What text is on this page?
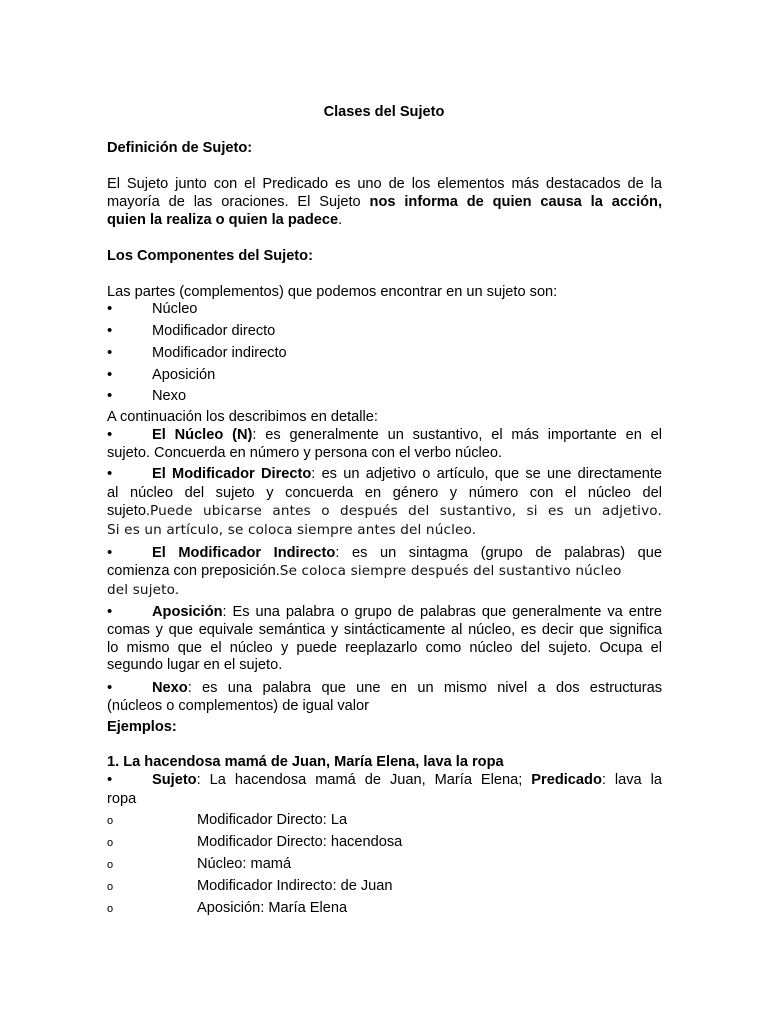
Clases del Sujeto
Definición de Sujeto:
El Sujeto junto con el Predicado es uno de los elementos más destacados de la
mayoría de las oraciones. El Sujeto nos informa de quien causa la acción,
quien la realiza o quien la padece.
Los Componentes del Sujeto:
Las partes (complementos) que podemos encontrar en un sujeto son:
•
Núcleo
•
Modificador directo
•
Modificador indirecto
•
Aposición
•
Nexo
A continuación los describimos en detalle:
•
El Núcleo (N): es generalmente un sustantivo, el más importante en el
sujeto. Concuerda en número y persona con el verbo núcleo.
•
El Modificador Directo: es un adjetivo o artículo, que se une directamente
al núcleo del sujeto y concuerda en género y número con el núcleo del
sujeto.Puede ubicarse antes o después del sustantivo, si es un adjetivo.
Si es un artículo, se coloca siempre antes del núcleo.
•
El Modificador Indirecto: es un sintagma (grupo de palabras) que
comienza con preposición.Se coloca siempre después del sustantivo núcleo
del sujeto.
•
Aposición: Es una palabra o grupo de palabras que generalmente va entre
comas y que equivale semántica y sintácticamente al núcleo, es decir que significa
lo mismo que el núcleo y puede reeplazarlo como núcleo del sujeto. Ocupa el
segundo lugar en el sujeto.
•
Nexo: es una palabra que une en un mismo nivel a dos estructuras
(núcleos o complementos) de igual valor
Ejemplos:
1. La hacendosa mamá de Juan, María Elena, lava la ropa
•
Sujeto: La hacendosa mamá de Juan, María Elena; Predicado: lava la
ropa
o	Modificador Directo: La
o	Modificador Directo: hacendosa
o	Núcleo: mamá
o	Modificador Indirecto: de Juan
o	Aposición: María Elena
